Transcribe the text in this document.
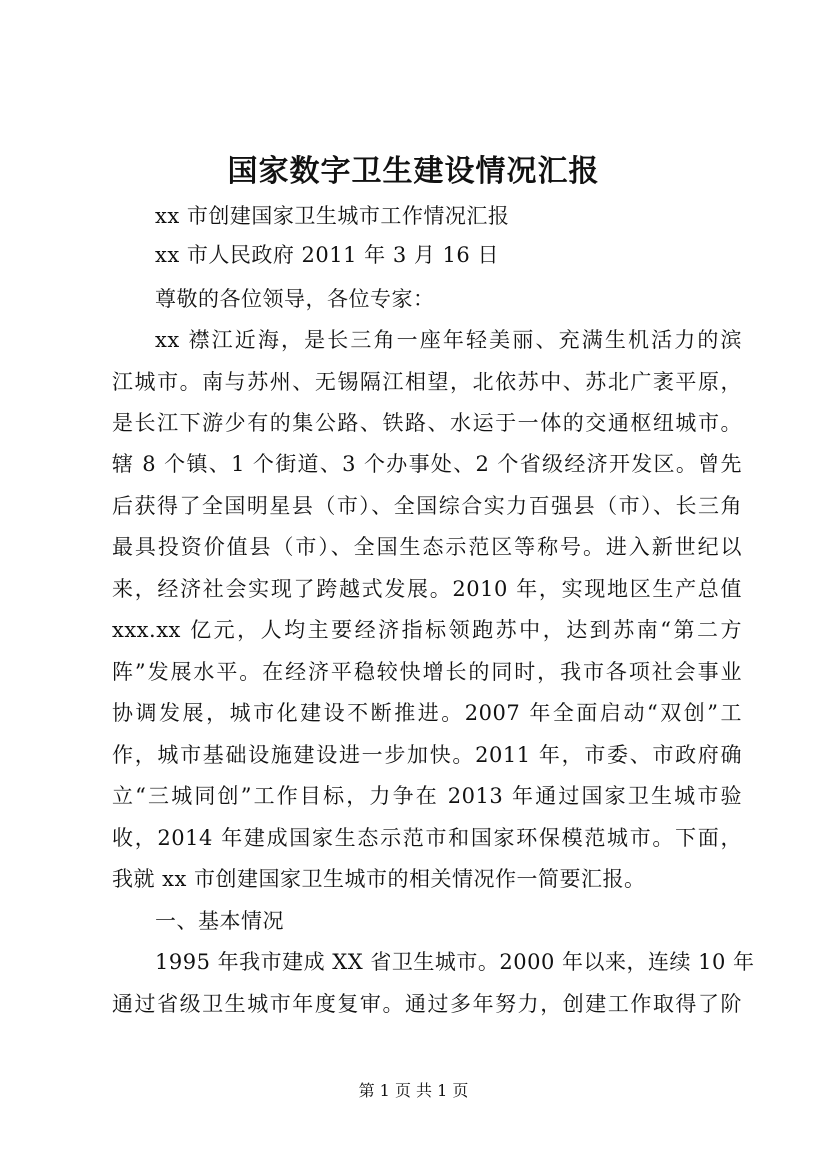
国家数字卫生建设情况汇报
xx 市创建国家卫生城市工作情况汇报
xx 市人民政府 2011 年 3 月 16 日
尊敬的各位领导，各位专家：
xx 襟江近海，是长三角一座年轻美丽、充满生机活力的滨
江城市。南与苏州、无锡隔江相望，北依苏中、苏北广袤平原，
是长江下游少有的集公路、铁路、水运于一体的交通枢纽城市。
辖 8 个镇、1 个街道、3 个办事处、2 个省级经济开发区。曾先
后获得了全国明星县（市）、全国综合实力百强县（市）、长三角
最具投资价值县（市）、全国生态示范区等称号。进入新世纪以
来，经济社会实现了跨越式发展。2010 年，实现地区生产总值
xxx.xx 亿元，人均主要经济指标领跑苏中，达到苏南“第二方
阵”发展水平。在经济平稳较快增长的同时，我市各项社会事业
协调发展，城市化建设不断推进。2007 年全面启动“双创”工
作，城市基础设施建设进一步加快。2011 年，市委、市政府确
立“三城同创”工作目标，力争在 2013 年通过国家卫生城市验
收，2014 年建成国家生态示范市和国家环保模范城市。下面，
我就 xx 市创建国家卫生城市的相关情况作一简要汇报。
一、基本情况
1995 年我市建成 XX 省卫生城市。2000 年以来，连续 10 年
通过省级卫生城市年度复审。通过多年努力，创建工作取得了阶
第 1 页 共 1 页
